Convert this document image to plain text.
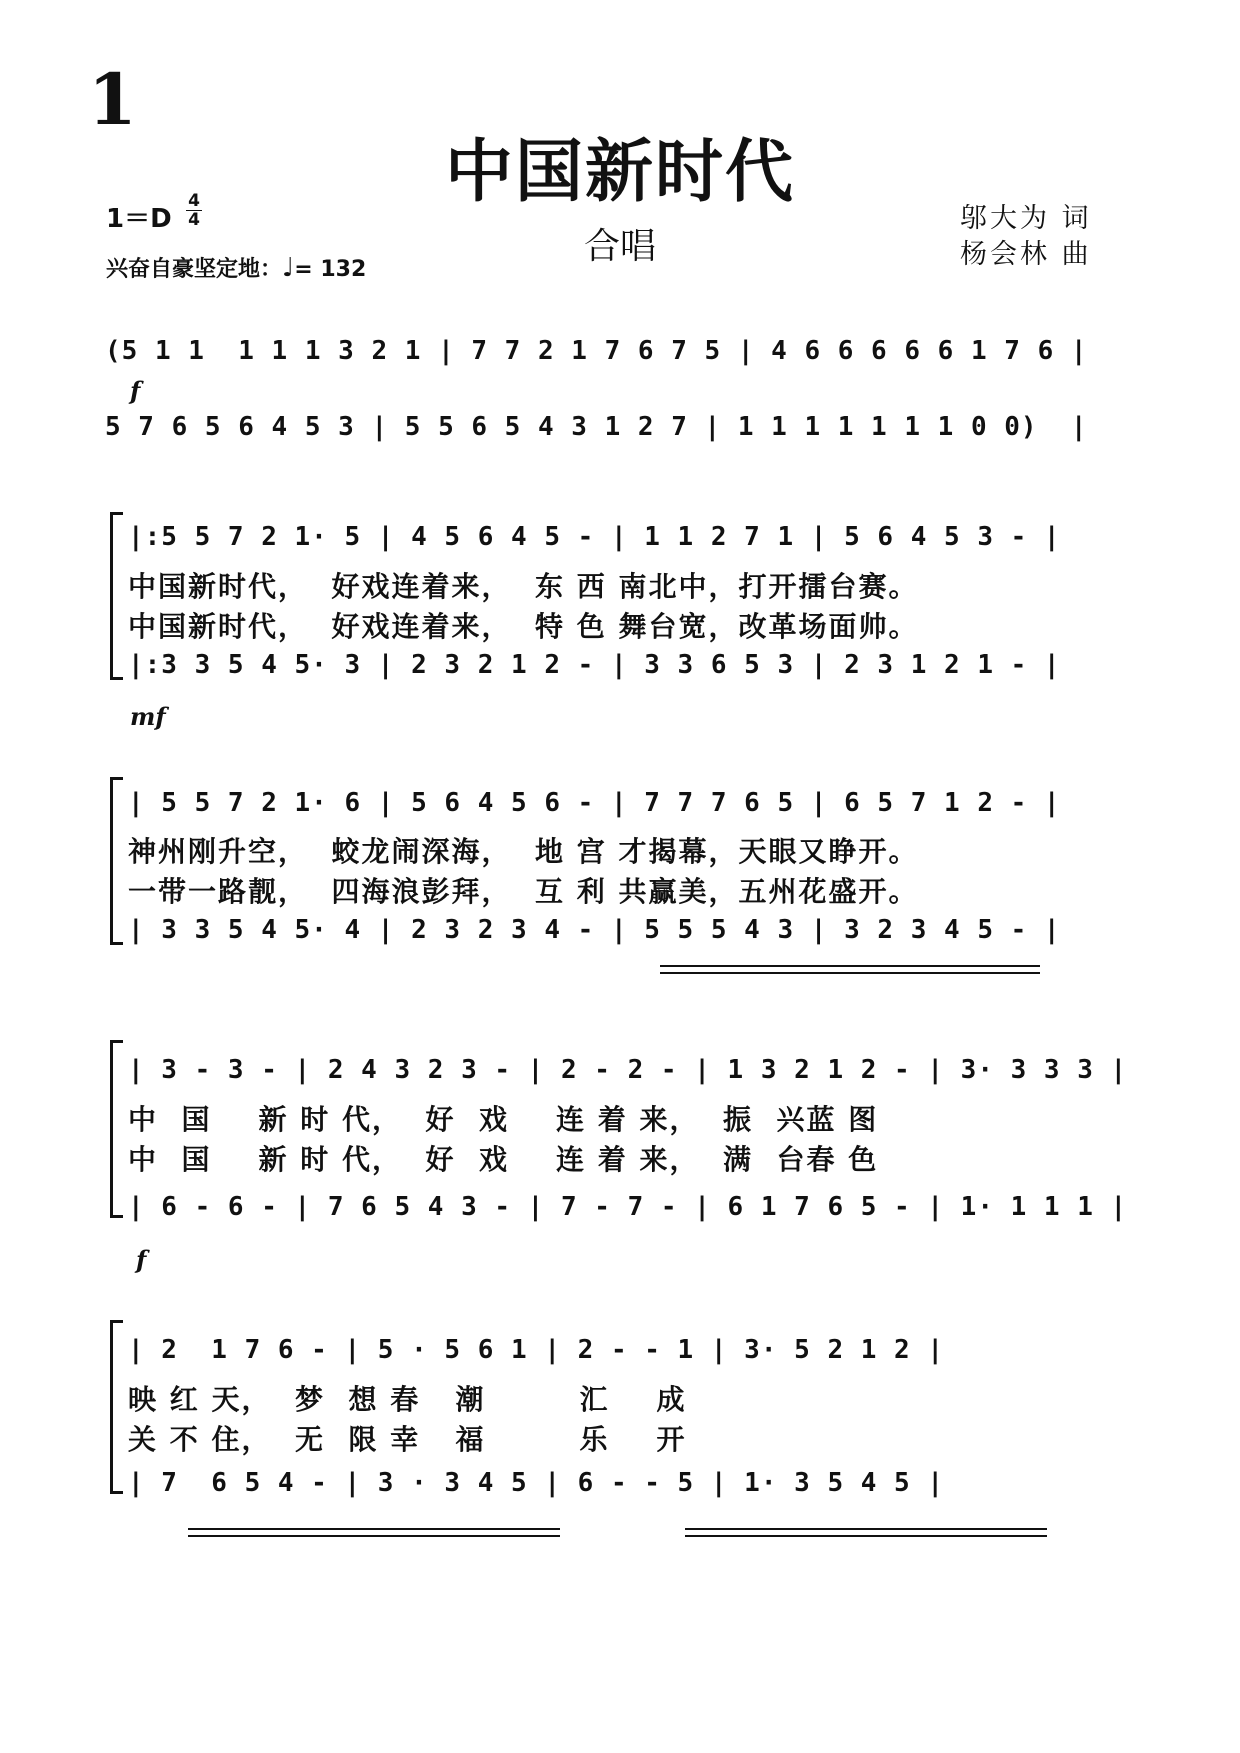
1
中国新时代
合唱
1＝D
4
4
兴奋自豪坚定地：♩= 132
邬大为 词
杨会林 曲
(5 1 1  1 1 1 3 2 1 | 7 7 2 1 7 6 7 5 | 4 6 6 6 6 6 1 7 6 |
f
5 7 6 5 6 4 5 3 | 5 5 6 5 4 3 1 2 7 | 1 1 1 1 1 1 1 0 0)  |
|:5 5 7 2 1· 5 | 4 5 6 4 5 - | 1 1 2 7 1 | 5 6 4 5 3 - |
中国新时代，  好戏连着来，  东 西 南北中，打开擂台赛。
中国新时代，  好戏连着来，  特 色 舞台宽，改革场面帅。
|:3 3 5 4 5· 3 | 2 3 2 1 2 - | 3 3 6 5 3 | 2 3 1 2 1 - |
mf
| 5 5 7 2 1· 6 | 5 6 4 5 6 - | 7 7 7 6 5 | 6 5 7 1 2 - |
神州刚升空，  蛟龙闹深海，  地 宫 才揭幕，天眼又睁开。
一带一路靓，  四海浪彭拜，  互 利 共赢美，五州花盛开。
| 3 3 5 4 5· 4 | 2 3 2 3 4 - | 5 5 5 4 3 | 3 2 3 4 5 - |
| 3 - 3 - | 2 4 3 2 3 - | 2 - 2 - | 1 3 2 1 2 - | 3· 3 3 3 |
中  国    新 时 代，  好  戏    连 着 来，  振  兴蓝 图
中  国    新 时 代，  好  戏    连 着 来，  满  台春 色
| 6 - 6 - | 7 6 5 4 3 - | 7 - 7 - | 6 1 7 6 5 - | 1· 1 1 1 |
f
| 2  1 7 6 - | 5 · 5 6 1 | 2 - - 1 | 3· 5 2 1 2 |
映 红 天，  梦  想 春   潮        汇    成
关 不 住，  无  限 幸   福        乐    开
| 7  6 5 4 - | 3 · 3 4 5 | 6 - - 5 | 1· 3 5 4 5 |
